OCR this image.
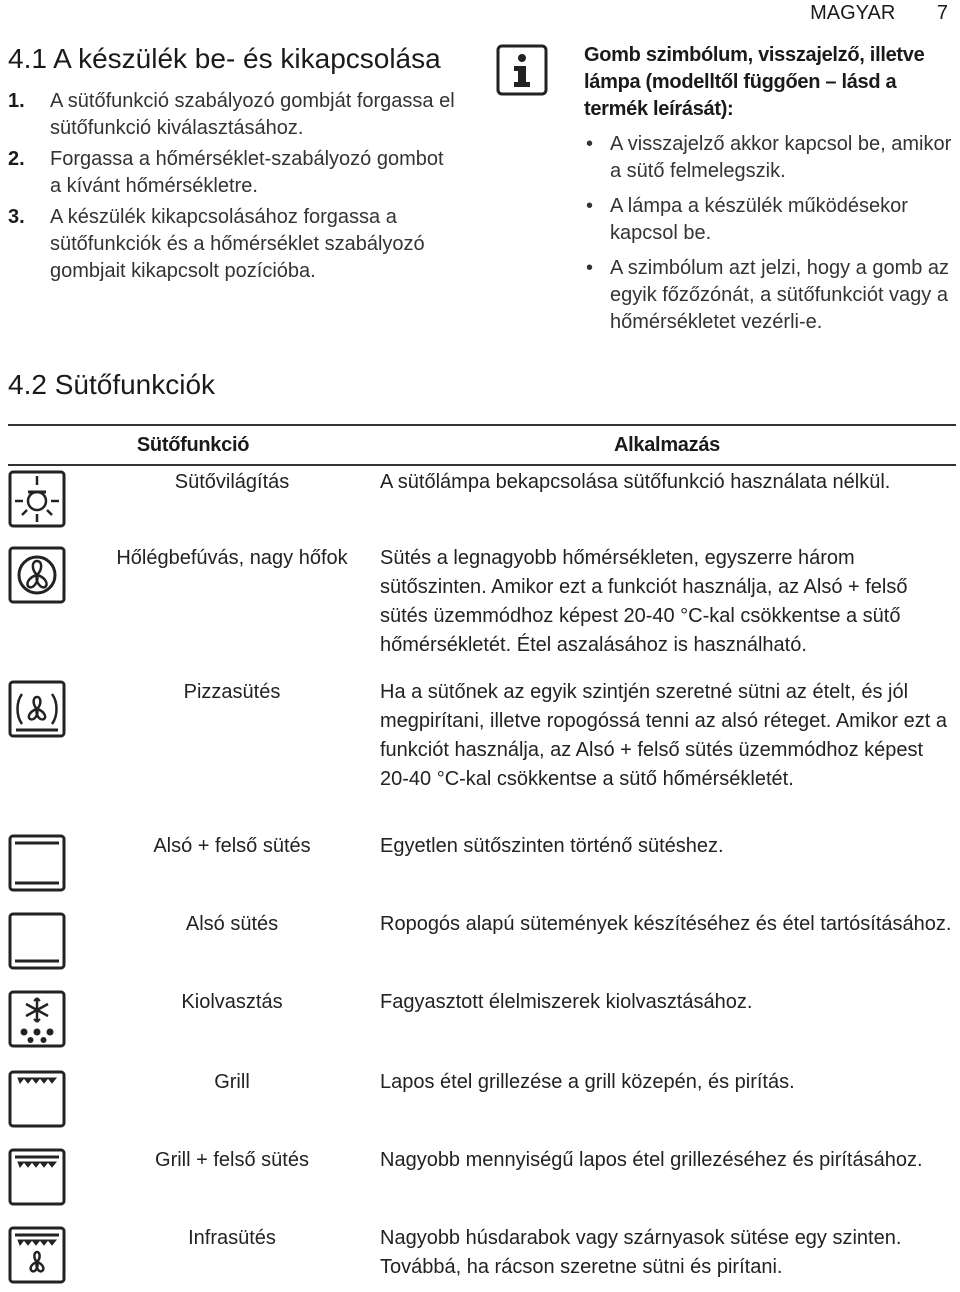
MAGYAR 7
4.1 A készülék be- és kikapcsolása
1. A sütőfunkció szabályozó gombját forgassa el sütőfunkció kiválasztásához.
2. Forgassa a hőmérséklet-szabályozó gombot a kívánt hőmérsékletre.
3. A készülék kikapcsolásához forgassa a sütőfunkciók és a hőmérséklet szabályozó gombjait kikapcsolt pozícióba.

Gomb szimbólum, visszajelző, illetve lámpa (modelltől függően – lásd a termék leírását):

• A visszajelző akkor kapcsol be, amikor a sütő felmelegszik.
• A lámpa a készülék működésekor kapcsol be.
• A szimbólum azt jelzi, hogy a gomb az egyik főzőzónát, a sütőfunkciót vagy a hőmérsékletet vezérli-e.
4.2 Sütőfunkciók
Sütőfunkció		Alkalmazás

	Sütővilágítás	A sütőlámpa bekapcsolása sütőfunkció használata nélkül.

	Hőlégbefúvás, nagy hőfok	Sütés a legnagyobb hőmérsékleten, egyszerre három sütőszinten. Amikor ezt a funkciót használja, az Alsó + felső sütés üzemmódhoz képest 20-40 °C-kal csökkentse a sütő hőmérsékletét. Étel aszalásához is használható.

	Pizzasütés	Ha a sütőnek az egyik szintjén szeretné sütni az ételt, és jól megpirítani, illetve ropogóssá tenni az alsó réteget. Amikor ezt a funkciót használja, az Alsó + felső sütés üzemmódhoz képest 20-40 °C-kal csökkentse a sütő hőmérsékletét.

	Alsó + felső sütés	Egyetlen sütőszinten történő sütéshez.

	Alsó sütés	Ropogós alapú sütemények készítéséhez és étel tartósításához.

	Kiolvasztás	Fagyasztott élelmiszerek kiolvasztásához.

	Grill	Lapos étel grillezése a grill közepén, és pirítás.

	Grill + felső sütés	Nagyobb mennyiségű lapos étel grillezéséhez és pirításához.

	Infrasütés	Nagyobb húsdarabok vagy szárnyasok sütése egy szinten. Továbbá, ha rácson szeretne sütni és pirítani.
